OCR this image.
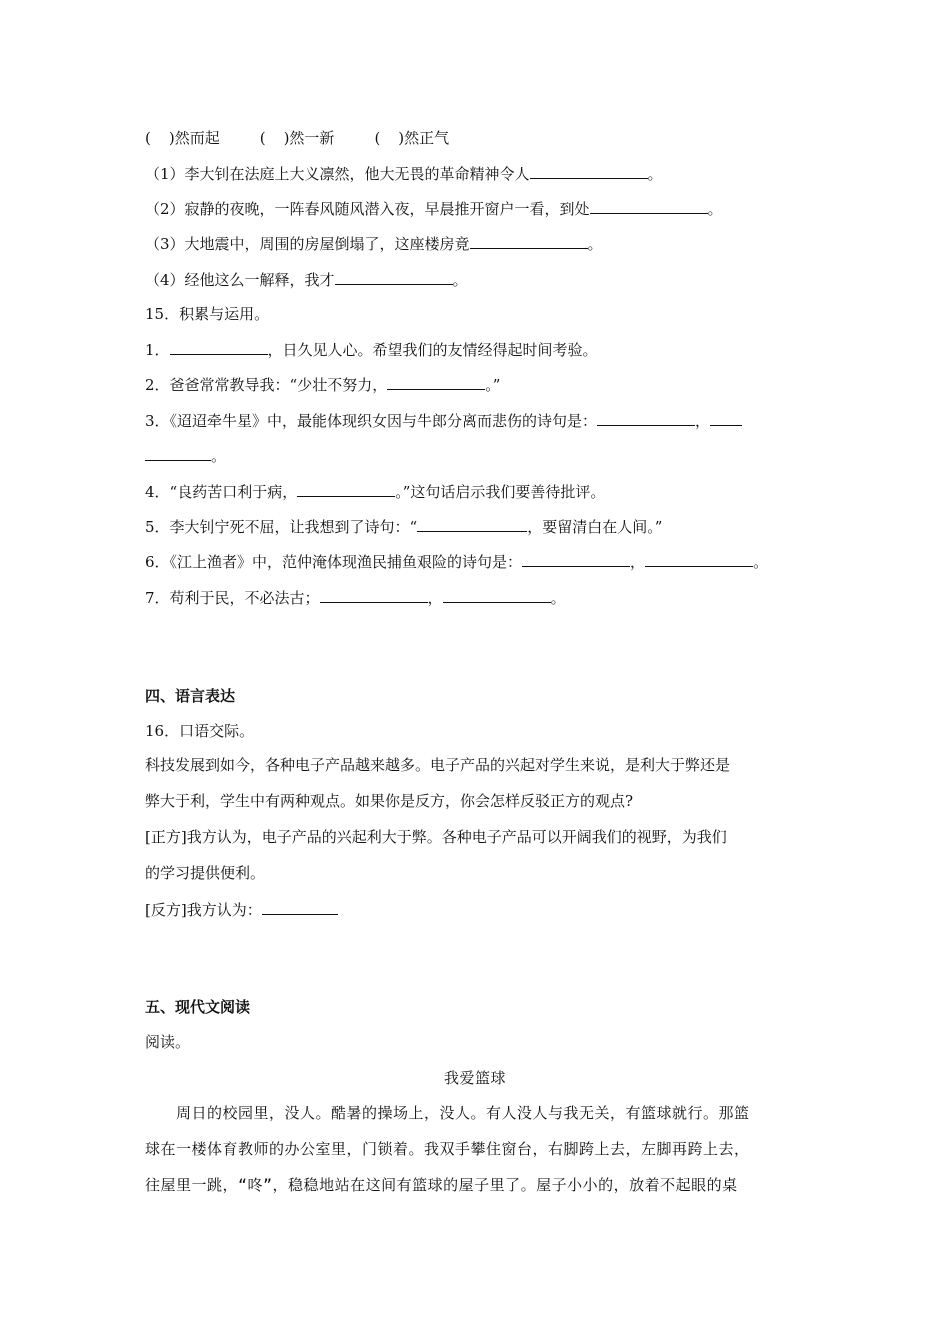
( )然而起	( )然一新	( )然正气
（1）李大钊在法庭上大义凛然，他大无畏的革命精神令人	。
（2）寂静的夜晚，一阵春风随风潜入夜，早晨推开窗户一看，到处	。
（3）大地震中，周围的房屋倒塌了，这座楼房竟	。
（4）经他这么一解释，我才	。
15．积累与运用。
1．	，日久见人心。希望我们的友情经得起时间考验。
2．爸爸常常教导我：“少壮不努力，	。”
3．《迢迢牵牛星》中，最能体现织女因与牛郎分离而悲伤的诗句是：	，
。
4．“良药苦口利于病，	。”这句话启示我们要善待批评。
5．李大钊宁死不屈，让我想到了诗句：“	，要留清白在人间。”
6．《江上渔者》中，范仲淹体现渔民捕鱼艰险的诗句是：	，	。
7．苟利于民，不必法古；	，	。
四、语言表达
16．口语交际。
科技发展到如今，各种电子产品越来越多。电子产品的兴起对学生来说，是利大于弊还是
弊大于利，学生中有两种观点。如果你是反方，你会怎样反驳正方的观点?
[正方]我方认为，电子产品的兴起利大于弊。各种电子产品可以开阔我们的视野，为我们
的学习提供便利。
[反方]我方认为：
五、现代文阅读
阅读。
我爱篮球
周日的校园里，没人。酷暑的操场上，没人。有人没人与我无关，有篮球就行。那篮
球在一楼体育教师的办公室里，门锁着。我双手攀住窗台，右脚跨上去，左脚再跨上去，
往屋里一跳，“咚”，稳稳地站在这间有篮球的屋子里了。屋子小小的，放着不起眼的桌
